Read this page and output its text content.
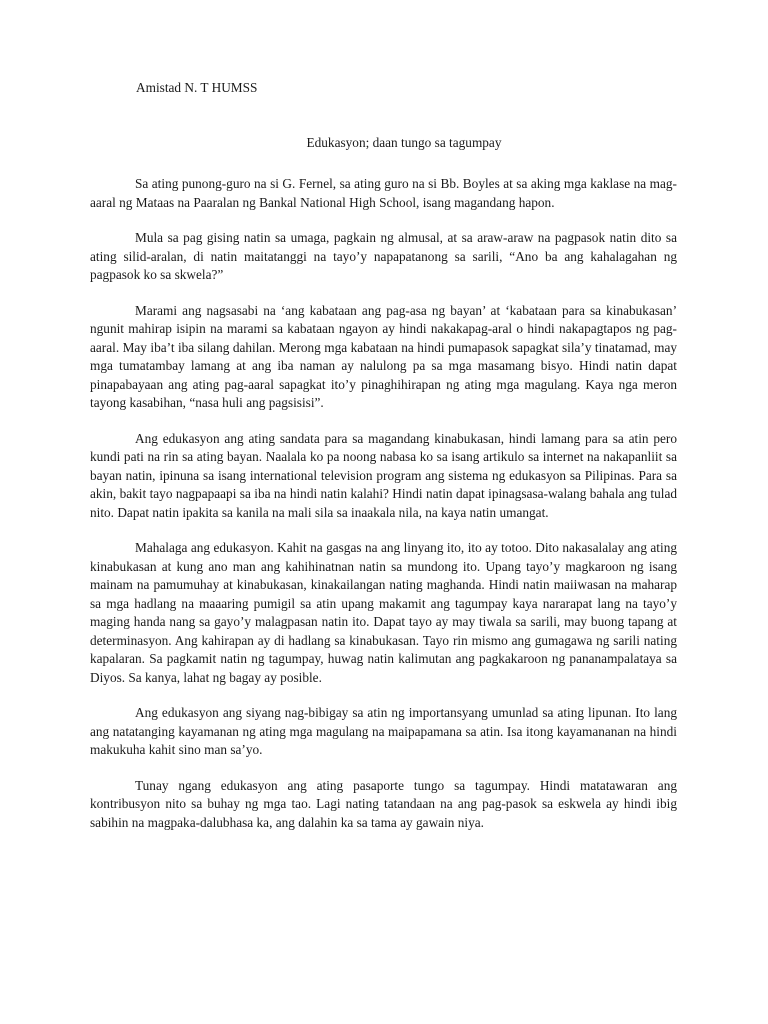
Amistad N. T HUMSS
Edukasyon; daan tungo sa tagumpay

Sa ating punong-guro na si G. Fernel, sa ating guro na si Bb. Boyles at sa aking mga kaklase na mag-aaral ng Mataas na Paaralan ng Bankal National High School, isang magandang hapon.

Mula sa pag gising natin sa umaga, pagkain ng almusal, at sa araw-araw na pagpasok natin dito sa ating silid-aralan, di natin maitatanggi na tayo’y napapatanong sa sarili, “Ano ba ang kahalagahan ng pagpasok ko sa skwela?”

Marami ang nagsasabi na ‘ang kabataan ang pag-asa ng bayan’ at ‘kabataan para sa kinabukasan’ ngunit mahirap isipin na marami sa kabataan ngayon ay hindi nakakapag-aral o hindi nakapagtapos ng pag-aaral. May iba’t iba silang dahilan. Merong mga kabataan na hindi pumapasok sapagkat sila’y tinatamad, may mga tumatambay lamang at ang iba naman ay nalulong pa sa mga masamang bisyo. Hindi natin dapat pinapabayaan ang ating pag-aaral sapagkat ito’y pinaghihirapan ng ating mga magulang. Kaya nga meron tayong kasabihan, “nasa huli ang pagsisisi”.

Ang edukasyon ang ating sandata para sa magandang kinabukasan, hindi lamang para sa atin pero kundi pati na rin sa ating bayan. Naalala ko pa noong nabasa ko sa isang artikulo sa internet na nakapanliit sa bayan natin, ipinuna sa isang international television program ang sistema ng edukasyon sa Pilipinas. Para sa akin, bakit tayo nagpapaapi sa iba na hindi natin kalahi? Hindi natin dapat ipinagsasa-walang bahala ang tulad nito. Dapat natin ipakita sa kanila na mali sila sa inaakala nila, na kaya natin umangat.

Mahalaga ang edukasyon. Kahit na gasgas na ang linyang ito, ito ay totoo. Dito nakasalalay ang ating kinabukasan at kung ano man ang kahihinatnan natin sa mundong ito. Upang tayo’y magkaroon ng isang mainam na pamumuhay at kinabukasan, kinakailangan nating maghanda. Hindi natin maiiwasan na maharap sa mga hadlang na maaaring pumigil sa atin upang makamit ang tagumpay kaya nararapat lang na tayo’y maging handa nang sa gayo’y malagpasan natin ito. Dapat tayo ay may tiwala sa sarili, may buong tapang at determinasyon. Ang kahirapan ay di hadlang sa kinabukasan. Tayo rin mismo ang gumagawa ng sarili nating kapalaran. Sa pagkamit natin ng tagumpay, huwag natin kalimutan ang pagkakaroon ng pananampalataya sa Diyos. Sa kanya, lahat ng bagay ay posible.

Ang edukasyon ang siyang nag-bibigay sa atin ng importansyang umunlad sa ating lipunan. Ito lang ang natatanging kayamanan ng ating mga magulang na maipapamana sa atin. Isa itong kayamananan na hindi makukuha kahit sino man sa’yo.

Tunay ngang edukasyon ang ating pasaporte tungo sa tagumpay. Hindi matatawaran ang kontribusyon nito sa buhay ng mga tao. Lagi nating tatandaan na ang pag-pasok sa eskwela ay hindi ibig sabihin na magpaka-dalubhasa ka, ang dalahin ka sa tama ay gawain niya.
